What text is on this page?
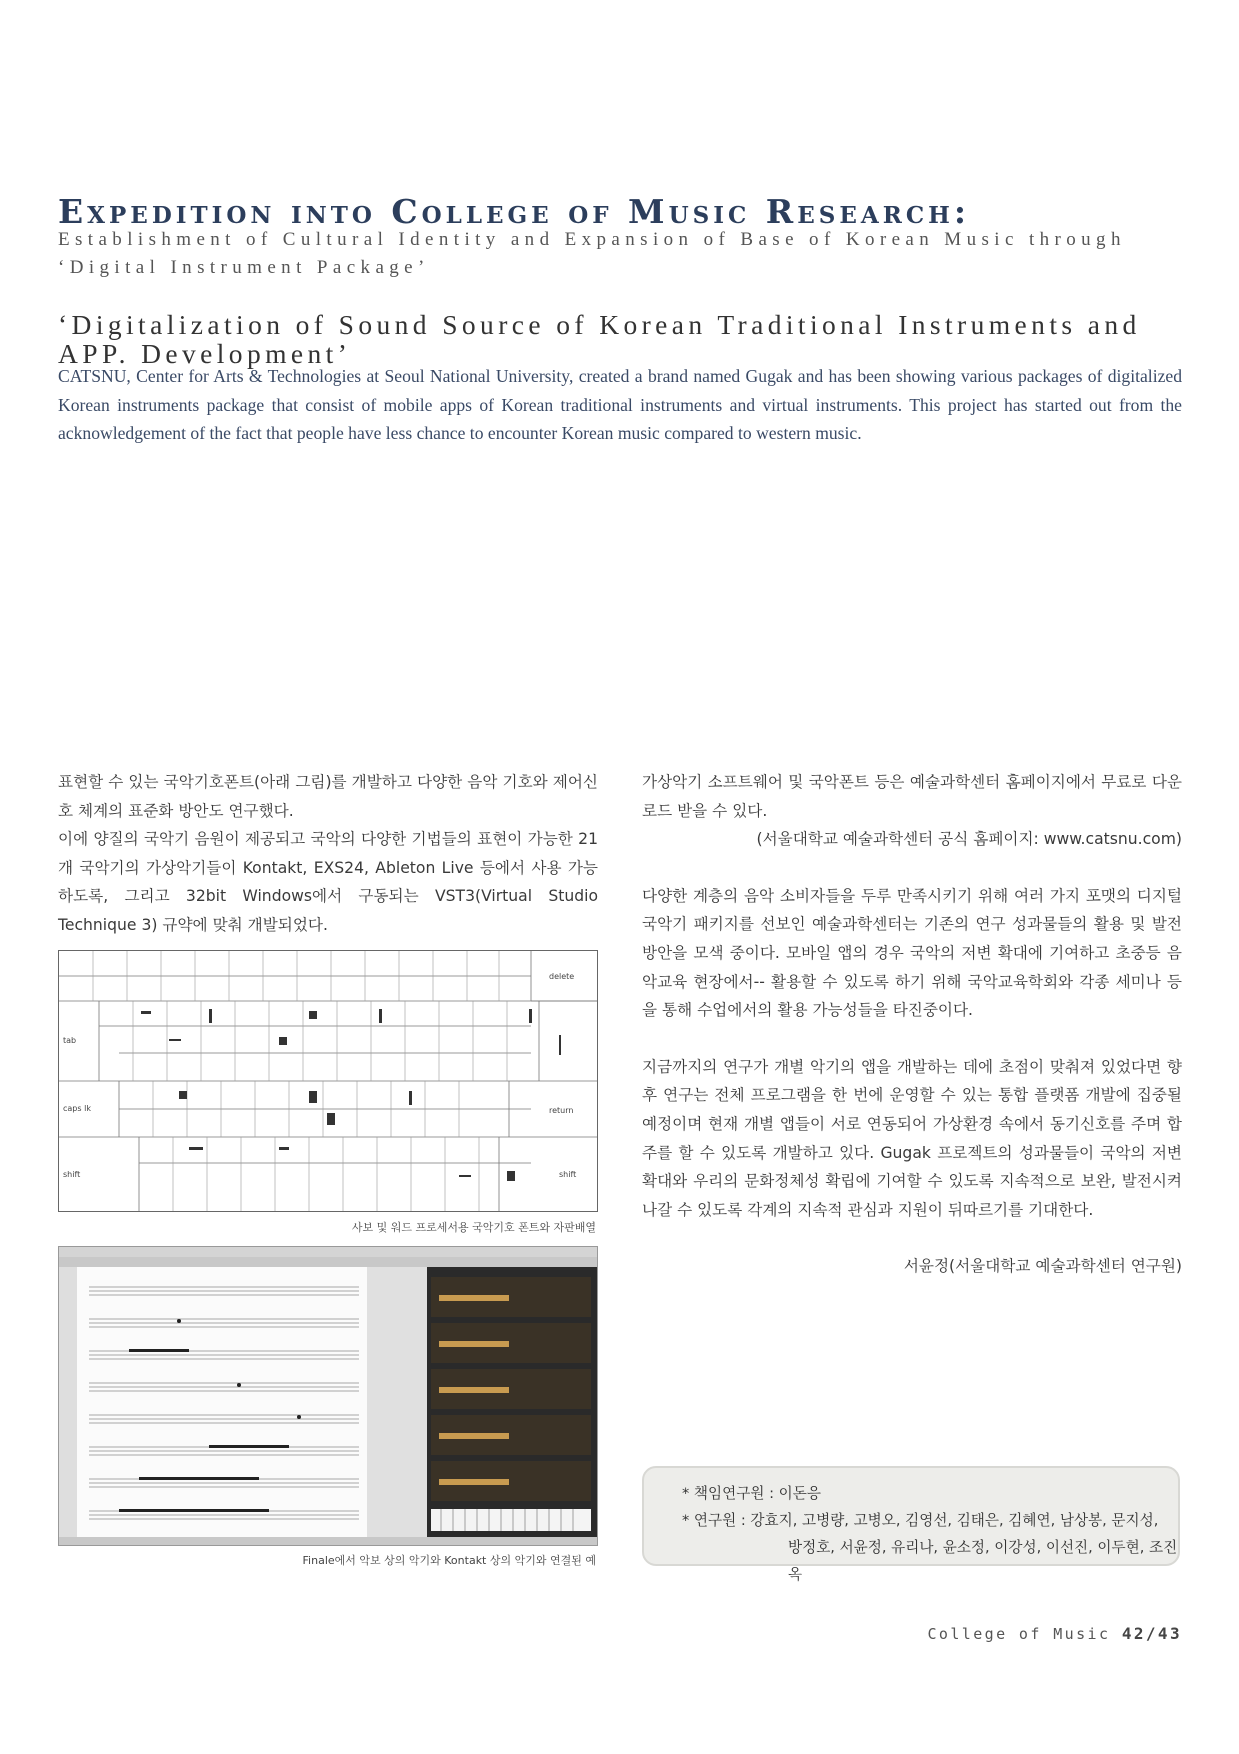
Expedition into College of Music Research:
Establishment of Cultural Identity and Expansion of Base of Korean Music through ‘Digital Instrument Package’
‘Digitalization of Sound Source of Korean Traditional Instruments and APP. Development’
CATSNU, Center for Arts & Technologies at Seoul National University, created a brand named Gugak and has been showing various packages of digitalized Korean instruments package that consist of mobile apps of Korean traditional instruments and virtual instruments. This project has started out from the acknowledgement of the fact that people have less chance to encounter Korean music compared to western music.

표현할 수 있는 국악기호폰트(아래 그림)를 개발하고 다양한 음악 기호와 제어신호 체계의 표준화 방안도 연구했다.

이에 양질의 국악기 음원이 제공되고 국악의 다양한 기법들의 표현이 가능한 21개 국악기의 가상악기들이 Kontakt, EXS24, Ableton Live 등에서 사용 가능하도록, 그리고 32bit Windows에서 구동되는 VST3(Virtual Studio Technique 3) 규약에 맞춰 개발되었다.

tab
caps lk
shift
delete
return
shift
사보 및 워드 프로세서용 국악기호 폰트와 자판배열
Finale에서 악보 상의 악기와 Kontakt 상의 악기와 연결된 예

가상악기 소프트웨어 및 국악폰트 등은 예술과학센터 홈페이지에서 무료로 다운로드 받을 수 있다.

(서울대학교 예술과학센터 공식 홈페이지: www.catsnu.com)

다양한 계층의 음악 소비자들을 두루 만족시키기 위해 여러 가지 포맷의 디지털 국악기 패키지를 선보인 예술과학센터는 기존의 연구 성과물들의 활용 및 발전 방안을 모색 중이다. 모바일 앱의 경우 국악의 저변 확대에 기여하고 초중등 음악교육 현장에서-- 활용할 수 있도록 하기 위해 국악교육학회와 각종 세미나 등을 통해 수업에서의 활용 가능성들을 타진중이다.

지금까지의 연구가 개별 악기의 앱을 개발하는 데에 초점이 맞춰져 있었다면 향후 연구는 전체 프로그램을 한 번에 운영할 수 있는 통합 플랫폼 개발에 집중될 예정이며 현재 개별 앱들이 서로 연동되어 가상환경 속에서 동기신호를 주며 합주를 할 수 있도록 개발하고 있다. Gugak 프로젝트의 성과물들이 국악의 저변 확대와 우리의 문화정체성 확립에 기여할 수 있도록 지속적으로 보완, 발전시켜나갈 수 있도록 각계의 지속적 관심과 지원이 뒤따르기를 기대한다.

서윤정(서울대학교 예술과학센터 연구원)

* 책임연구원 : 이돈응
* 연구원 : 강효지, 고병량, 고병오, 김영선, 김태은, 김혜연, 남상봉, 문지성,
방정호, 서윤정, 유리나, 윤소정, 이강성, 이선진, 이두현, 조진옥
College of Music 42/43
